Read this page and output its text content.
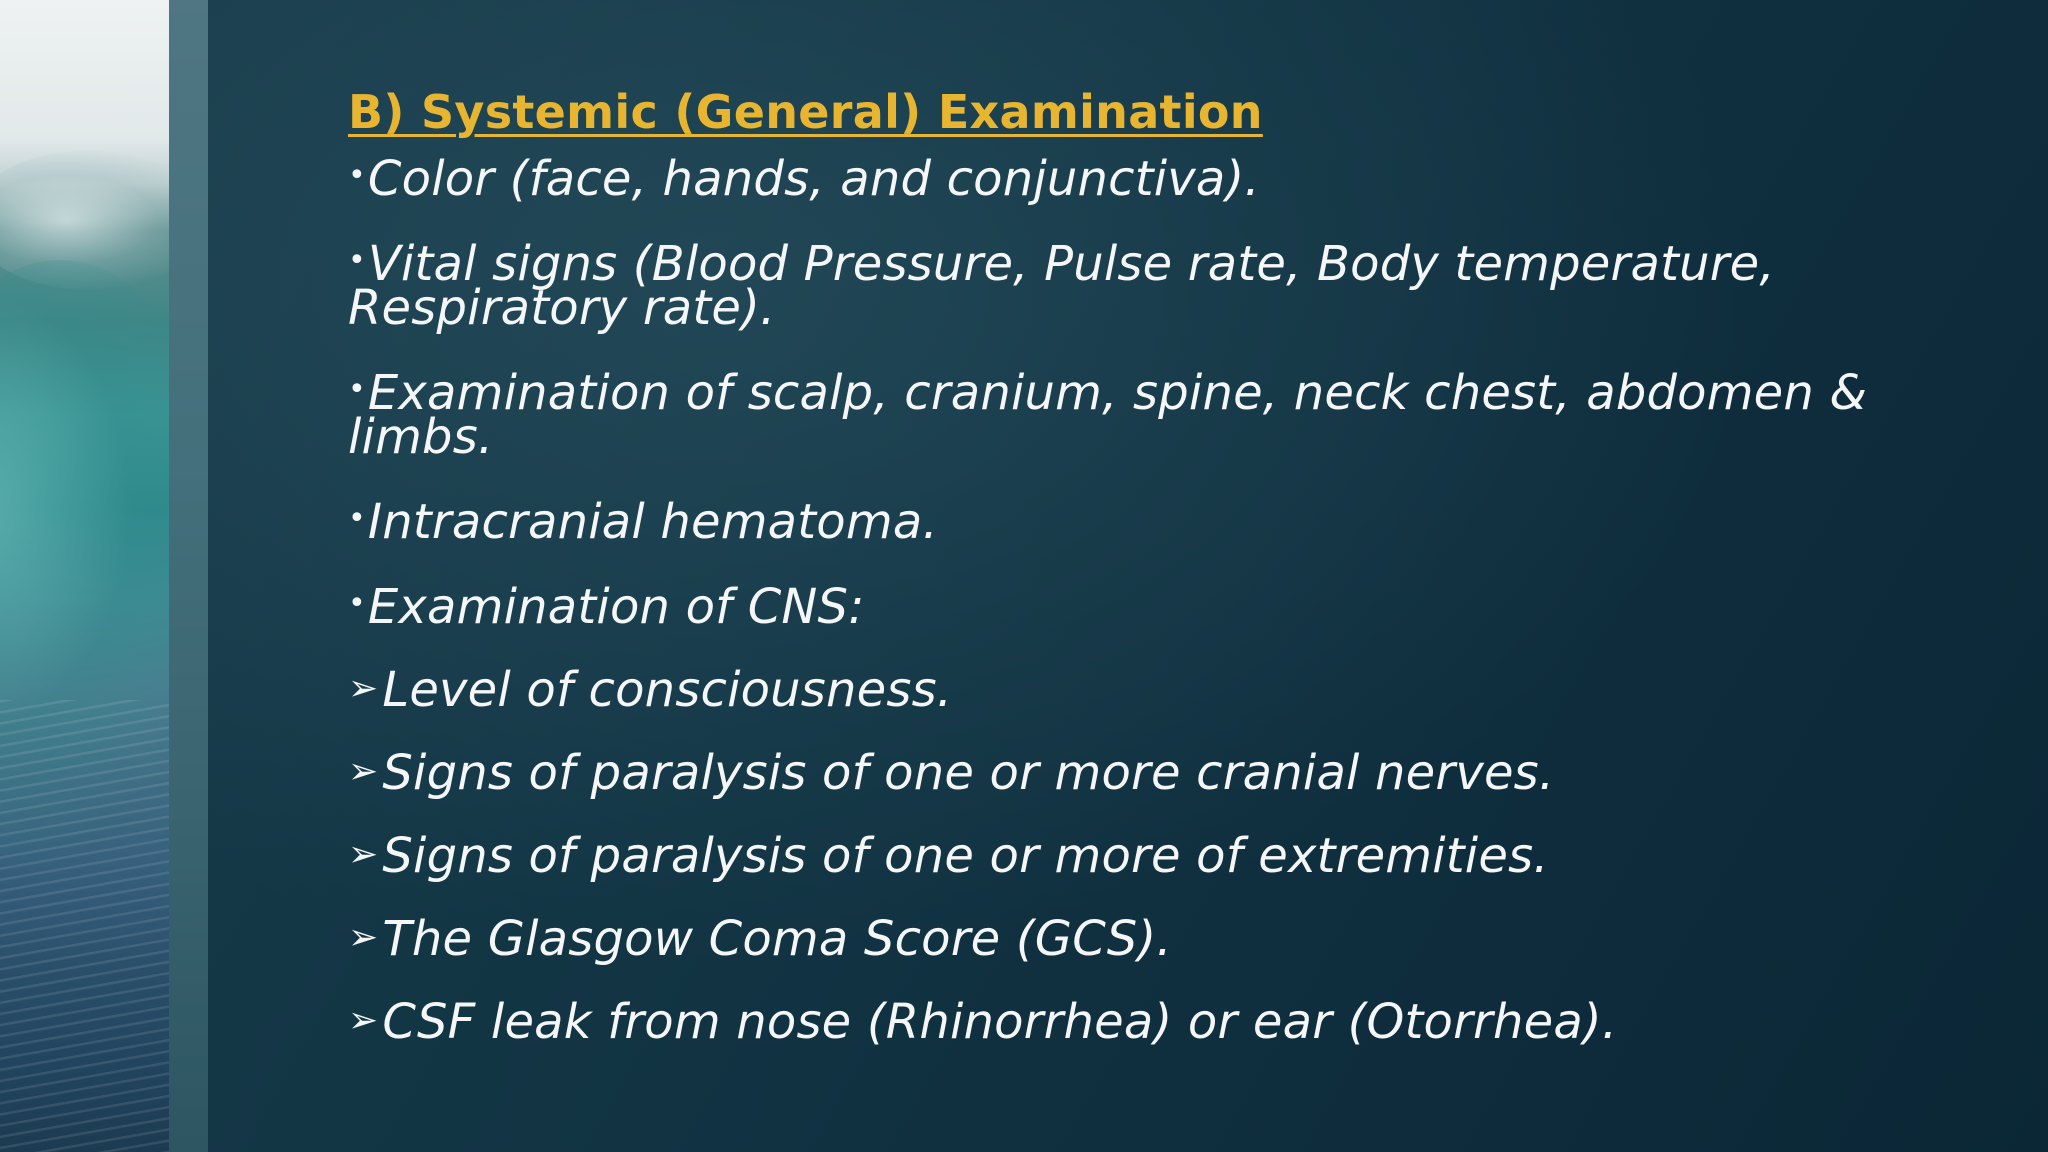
B) Systemic (General) Examination
•Color (face, hands, and conjunctiva).
•Vital signs (Blood Pressure, Pulse rate, Body temperature, Respiratory rate).
•Examination of scalp, cranium, spine, neck chest, abdomen & limbs.
•Intracranial hematoma.
•Examination of CNS:
➢Level of consciousness.
➢Signs of paralysis of one or more cranial nerves.
➢Signs of paralysis of one or more of extremities.
➢The Glasgow Coma Score (GCS).
➢CSF leak from nose (Rhinorrhea) or ear (Otorrhea).
